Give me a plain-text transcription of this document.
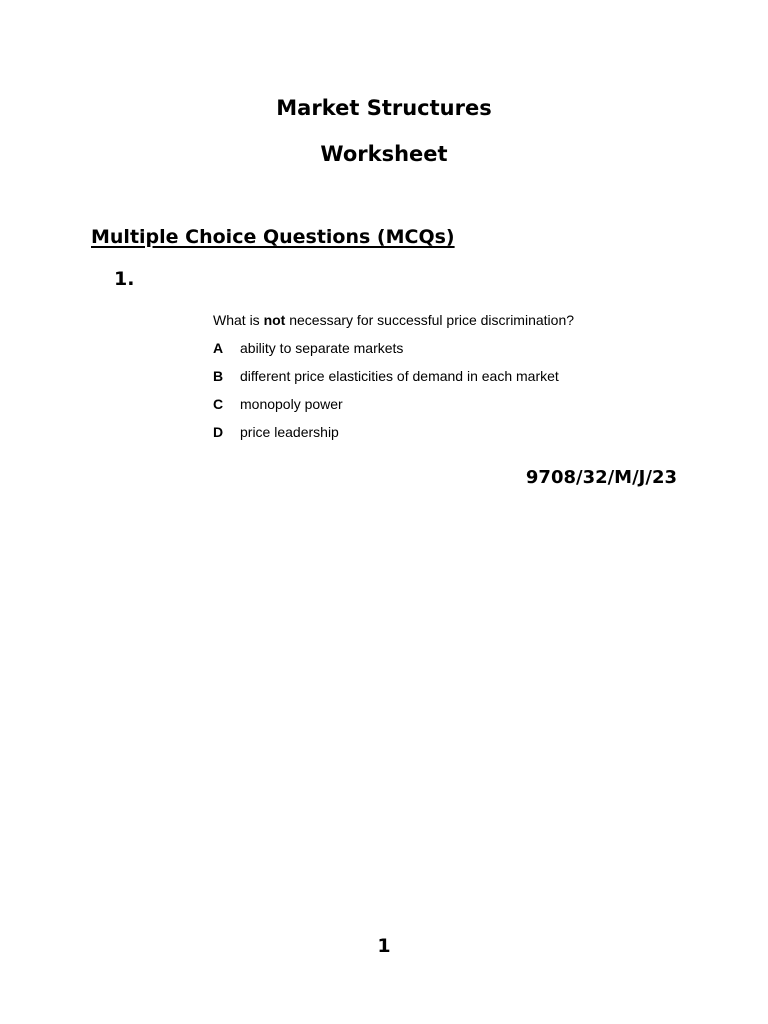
Market Structures
Worksheet
Multiple Choice Questions (MCQs)
1.

What is not necessary for successful price discrimination?

A	ability to separate markets
B	different price elasticities of demand in each market
C	monopoly power
D	price leadership
9708/32/M/J/23
1
